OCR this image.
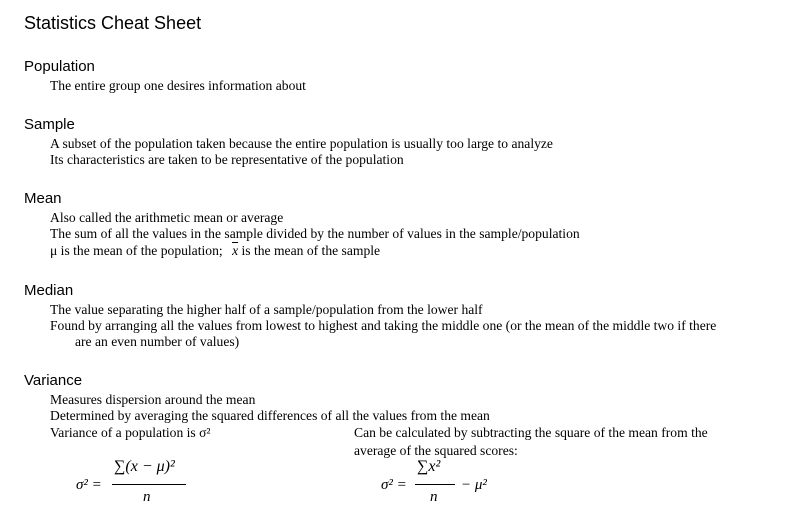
Statistics Cheat Sheet
Population
The entire group one desires information about
Sample
A subset of the population taken because the entire population is usually too large to analyze
Its characteristics are taken to be representative of the population
Mean
Also called the arithmetic mean or average
The sum of all the values in the sample divided by the number of values in the sample/population
μ is the mean of the population; $\overline{x}$ is the mean of the sample
Median
The value separating the higher half of a sample/population from the lower half
Found by arranging all the values from lowest to highest and taking the middle one (or the mean of the middle two if there
are an even number of values)
Variance
Measures dispersion around the mean
Determined by averaging the squared differences of all the values from the mean
Variance of a population is σ²	Can be calculated by subtracting the square of the mean from the
average of the squared scores:
σ² =
∑(x − μ)²
n
σ² =
∑x²
n
− μ²
